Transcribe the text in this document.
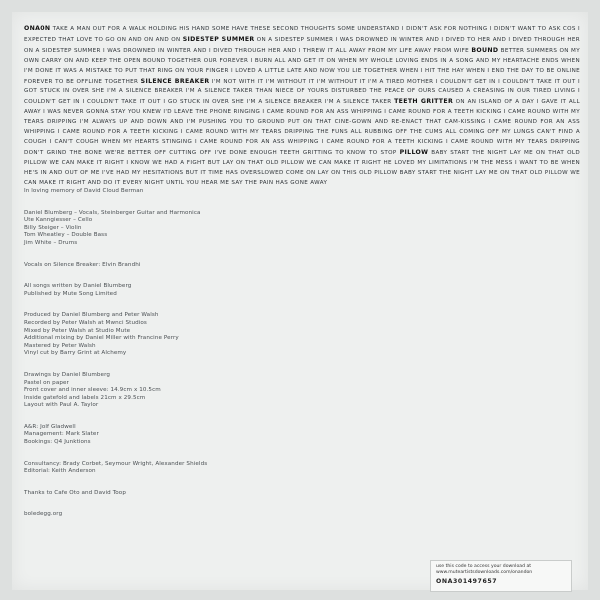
ONA0N TAKE A MAN OUT FOR A WALK HOLDING HIS HAND SOME HAVE THESE SECOND THOUGHTS SOME UNDERSTAND I DIDN'T ASK FOR NOTHING I DIDN'T WANT TO ASK COS I EXPECTED THAT LOVE TO GO ON AND ON AND ON SIDESTEP SUMMER ON A SIDESTEP SUMMER I WAS DROWNED IN WINTER AND I DIVED TO HER AND I DIVED THROUGH HER ON A SIDESTEP SUMMER I WAS DROWNED IN WINTER AND I DIVED THROUGH HER AND I THREW IT ALL AWAY FROM MY LIFE AWAY FROM WIFE BOUND BETTER SUMMERS ON MY OWN CARRY ON AND KEEP THE OPEN BOUND TOGETHER OUR FOREVER I BURN ALL AND GET IT ON WHEN MY WHOLE LOVING ENDS IN A SONG AND MY HEARTACHE ENDS WHEN I'M DONE IT WAS A MISTAKE TO PUT THAT RING ON YOUR FINGER I LOVED A LITTLE LATE AND NOW YOU LIE TOGETHER WHEN I HIT THE HAY WHEN I END THE DAY TO BE ONLINE FOREVER TO BE OFFLINE TOGETHER SILENCE BREAKER I'M NOT WITH IT I'M WITHOUT IT I'M WITHOUT IT I'M A TIRED MOTHER I COULDN'T GET IN I COULDN'T TAKE IT OUT I GOT STUCK IN OVER SHE I'M A SILENCE BREAKER I'M A SILENCE TAKER THAN NIECE OF YOURS DISTURBED THE PEACE OF OURS CAUSED A CREASING IN OUR TIRED LIVING I COULDN'T GET IN I COULDN'T TAKE IT OUT I GO STUCK IN OVER SHE I'M A SILENCE BREAKER I'M A SILENCE TAKER TEETH GRITTER ON AN ISLAND OF A DAY I GAVE IT ALL AWAY I WAS NEVER GONNA STAY YOU KNEW I'D LEAVE THE PHONE RINGING I CAME ROUND FOR AN ASS WHIPPING I CAME ROUND FOR A TEETH KICKING I CAME ROUND WITH MY TEARS DRIPPING I'M ALWAYS UP AND DOWN AND I'M PUSHING YOU TO GROUND PUT ON THAT CINE-GOWN AND RE-ENACT THAT CAM-KISSING I CAME ROUND FOR AN ASS WHIPPING I CAME ROUND FOR A TEETH KICKING I CAME ROUND WITH MY TEARS DRIPPING THE FUNS ALL RUBBING OFF THE CUMS ALL COMING OFF MY LUNGS CAN'T FIND A COUGH I CAN'T COUGH WHEN MY HEARTS STINGING I CAME ROUND FOR AN ASS WHIPPING I CAME ROUND FOR A TEETH KICKING I CAME ROUND WITH MY TEARS DRIPPING DON'T GRIND THE BONE WE'RE BETTER OFF CUTTING OFF I'VE DONE ENOUGH TEETH GRITTING TO KNOW TO STOP PILLOW BABY START THE NIGHT LAY ME ON THAT OLD PILLOW WE CAN MAKE IT RIGHT I KNOW WE HAD A FIGHT BUT LAY ON THAT OLD PILLOW WE CAN MAKE IT RIGHT HE LOVED MY LIMITATIONS I'M THE MESS I WANT TO BE WHEN HE'S IN AND OUT OF ME I'VE HAD MY HESITATIONS BUT IT TIME HAS OVERSLOWED COME ON LAY ON THIS OLD PILLOW BABY START THE NIGHT LAY ME ON THAT OLD PILLOW WE CAN MAKE IT RIGHT AND DO IT EVERY NIGHT UNTIL YOU HEAR ME SAY THE PAIN HAS GONE AWAY
In loving memory of David Cloud Berman
Daniel Blumberg – Vocals, Steinberger Guitar and Harmonica
Ute Kanngiesser – Cello
Billy Steiger – Violin
Tom Wheatley – Double Bass
Jim White – Drums
Vocals on Silence Breaker: Elvin Brandhi
All songs written by Daniel Blumberg
Published by Mute Song Limited
Produced by Daniel Blumberg and Peter Walsh
Recorded by Peter Walsh at Mwnci Studios
Mixed by Peter Walsh at Studio Mute
Additional mixing by Daniel Miller with Francine Perry
Mastered by Peter Walsh
Vinyl cut by Barry Grint at Alchemy
Drawings by Daniel Blumberg
Pastel on paper
Front cover and inner sleeve: 14.9cm x 10.5cm
Inside gatefold and labels 21cm x 29.5cm
Layout with Paul A. Taylor
A&R: Jolf Gladwell
Management: Mark Slater
Bookings: Q4 Junktions
Consultancy: Brady Corbet, Seymour Wright, Alexander Shields
Editorial: Keith Anderson
Thanks to Cafe Oto and David Toop
boledegg.org
use this code to access your download at
www.muteartistsdownloads.com/onandon
ONA301497657
